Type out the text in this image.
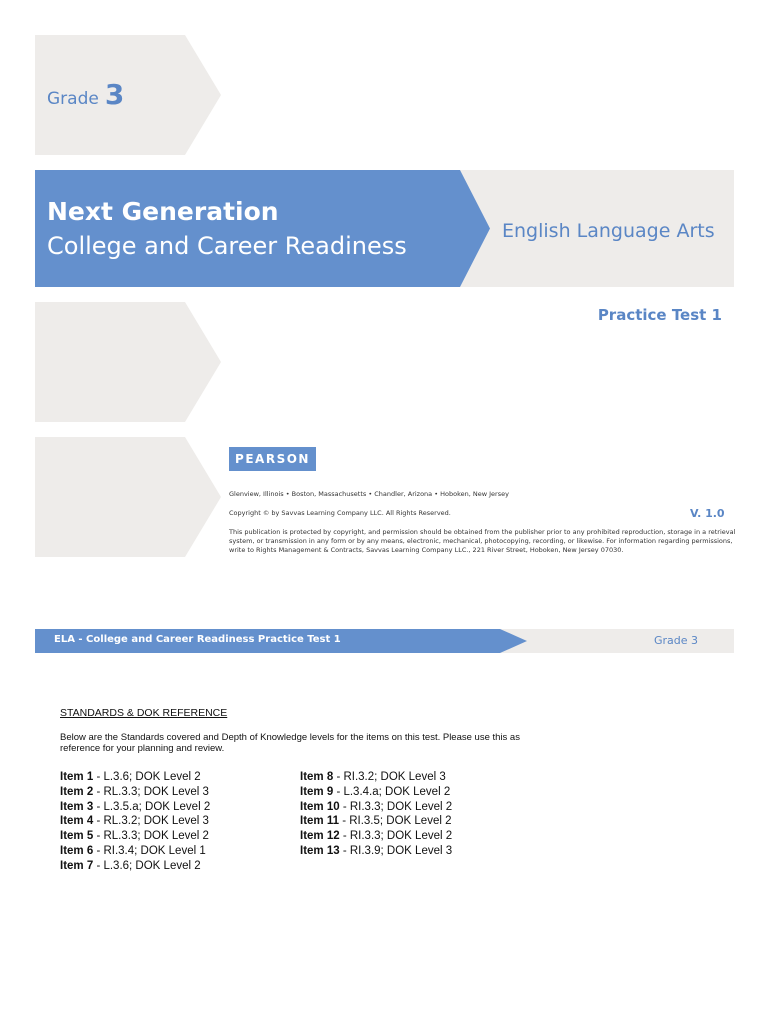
Grade 3
Next Generation
College and Career Readiness
English Language Arts
Practice Test 1
PEARSON
Glenview, Illinois • Boston, Massachusetts • Chandler, Arizona • Hoboken, New Jersey
Copyright © by Savvas Learning Company LLC. All Rights Reserved.	V. 1.0
This publication is protected by copyright, and permission should be obtained from the publisher prior to any prohibited reproduction, storage in a retrieval system, or transmission in any form or by any means, electronic, mechanical, photocopying, recording, or likewise. For information regarding permissions, write to Rights Management & Contracts, Savvas Learning Company LLC., 221 River Street, Hoboken, New Jersey 07030.
ELA - College and Career Readiness Practice Test 1	Grade 3
STANDARDS & DOK REFERENCE
Below are the Standards covered and Depth of Knowledge levels for the items on this test. Please use this as reference for your planning and review.
Item 1 - L.3.6; DOK Level 2
Item 2 - RL.3.3; DOK Level 3
Item 3 - L.3.5.a; DOK Level 2
Item 4 - RL.3.2; DOK Level 3
Item 5 - RL.3.3; DOK Level 2
Item 6 - RI.3.4; DOK Level 1
Item 7 - L.3.6; DOK Level 2
Item 8 - RI.3.2; DOK Level 3
Item 9 - L.3.4.a; DOK Level 2
Item 10 - RI.3.3; DOK Level 2
Item 11 - RI.3.5; DOK Level 2
Item 12 - RI.3.3; DOK Level 2
Item 13 - RI.3.9; DOK Level 3
